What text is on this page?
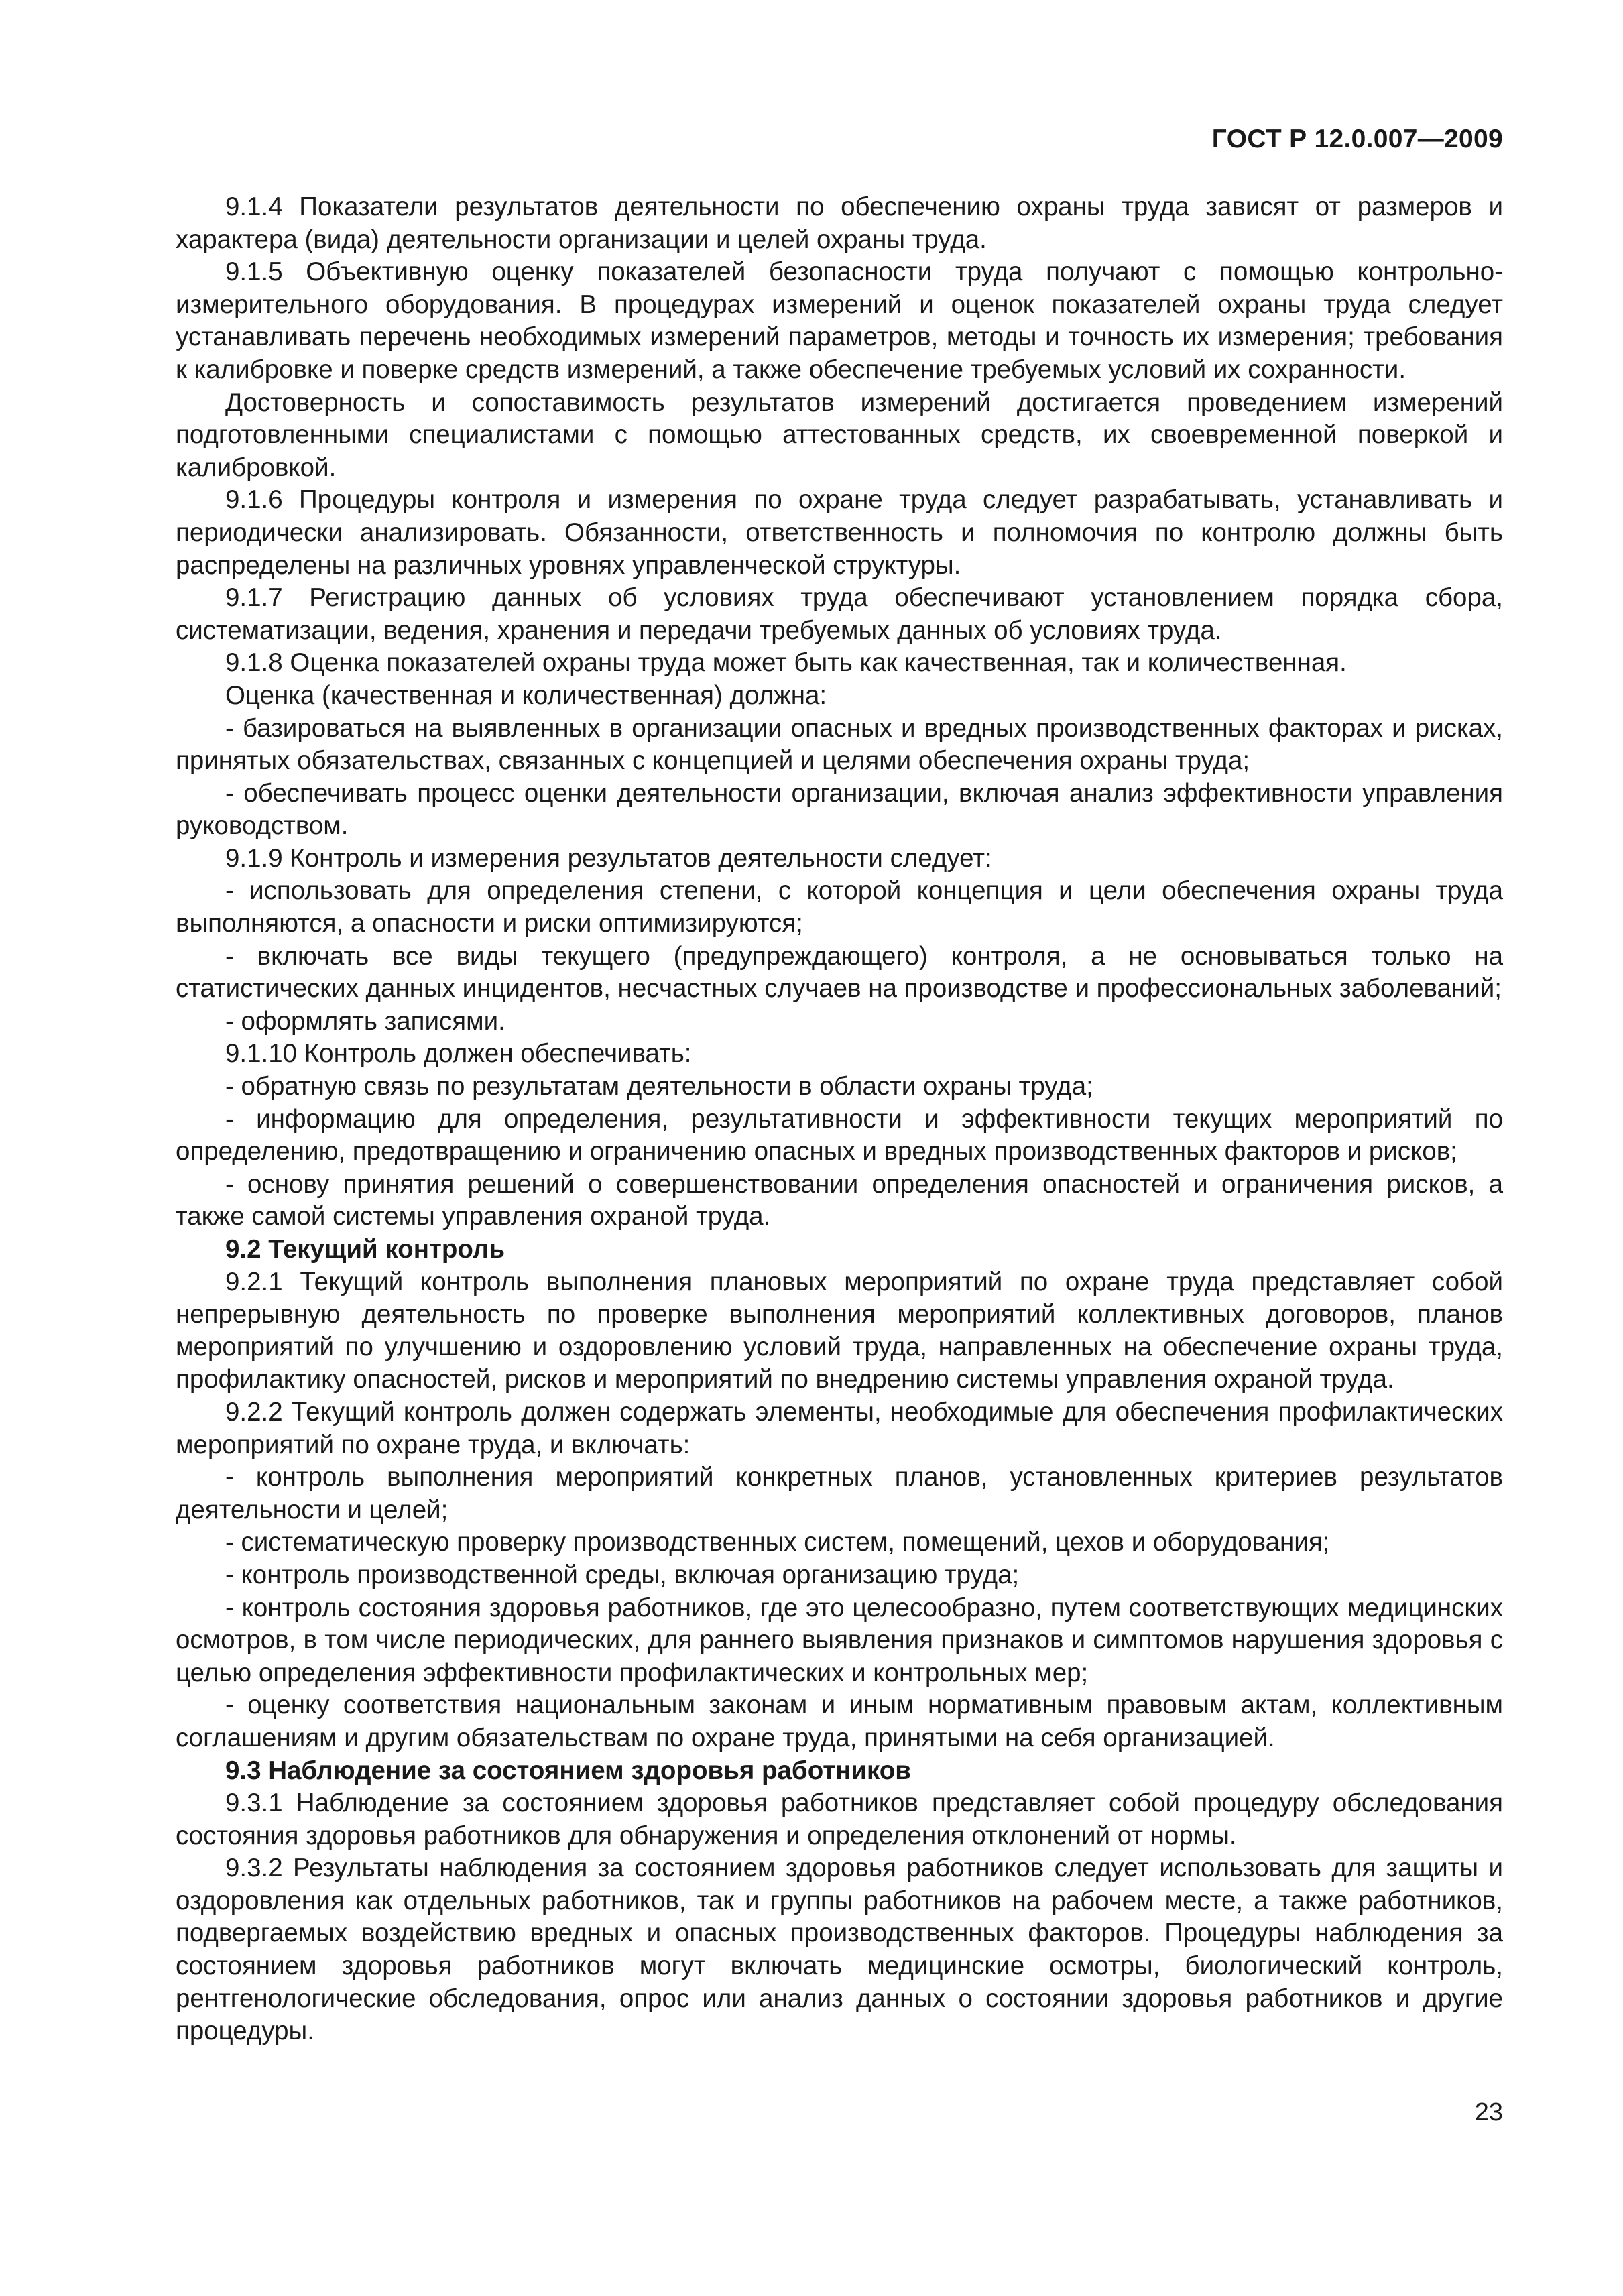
ГОСТ Р 12.0.007—2009

9.1.4 Показатели результатов деятельности по обеспечению охраны труда зависят от размеров и характера (вида) деятельности организации и целей охраны труда.

9.1.5 Объективную оценку показателей безопасности труда получают с помощью контрольно-измерительного оборудования. В процедурах измерений и оценок показателей охраны труда следует устанавливать перечень необходимых измерений параметров, методы и точность их измерения; требования к калибровке и поверке средств измерений, а также обеспечение требуемых условий их сохранности.

Достоверность и сопоставимость результатов измерений достигается проведением измерений подготовленными специалистами с помощью аттестованных средств, их своевременной поверкой и калибровкой.

9.1.6 Процедуры контроля и измерения по охране труда следует разрабатывать, устанавливать и периодически анализировать. Обязанности, ответственность и полномочия по контролю должны быть распределены на различных уровнях управленческой структуры.

9.1.7 Регистрацию данных об условиях труда обеспечивают установлением порядка сбора, систематизации, ведения, хранения и передачи требуемых данных об условиях труда.

9.1.8 Оценка показателей охраны труда может быть как качественная, так и количественная.

Оценка (качественная и количественная) должна:

- базироваться на выявленных в организации опасных и вредных производственных факторах и рисках, принятых обязательствах, связанных с концепцией и целями обеспечения охраны труда;

- обеспечивать процесс оценки деятельности организации, включая анализ эффективности управления руководством.

9.1.9 Контроль и измерения результатов деятельности следует:

- использовать для определения степени, с которой концепция и цели обеспечения охраны труда выполняются, а опасности и риски оптимизируются;

- включать все виды текущего (предупреждающего) контроля, а не основываться только на статистических данных инцидентов, несчастных случаев на производстве и профессиональных заболеваний;

- оформлять записями.

9.1.10 Контроль должен обеспечивать:

- обратную связь по результатам деятельности в области охраны труда;

- информацию для определения, результативности и эффективности текущих мероприятий по определению, предотвращению и ограничению опасных и вредных производственных факторов и рисков;

- основу принятия решений о совершенствовании определения опасностей и ограничения рисков, а также самой системы управления охраной труда.

9.2 Текущий контроль

9.2.1 Текущий контроль выполнения плановых мероприятий по охране труда представляет собой непрерывную деятельность по проверке выполнения мероприятий коллективных договоров, планов мероприятий по улучшению и оздоровлению условий труда, направленных на обеспечение охраны труда, профилактику опасностей, рисков и мероприятий по внедрению системы управления охраной труда.

9.2.2 Текущий контроль должен содержать элементы, необходимые для обеспечения профилактических мероприятий по охране труда, и включать:

- контроль выполнения мероприятий конкретных планов, установленных критериев результатов деятельности и целей;

- систематическую проверку производственных систем, помещений, цехов и оборудования;

- контроль производственной среды, включая организацию труда;

- контроль состояния здоровья работников, где это целесообразно, путем соответствующих медицинских осмотров, в том числе периодических, для раннего выявления признаков и симптомов нарушения здоровья с целью определения эффективности профилактических и контрольных мер;

- оценку соответствия национальным законам и иным нормативным правовым актам, коллективным соглашениям и другим обязательствам по охране труда, принятыми на себя организацией.

9.3 Наблюдение за состоянием здоровья работников

9.3.1 Наблюдение за состоянием здоровья работников представляет собой процедуру обследования состояния здоровья работников для обнаружения и определения отклонений от нормы.

9.3.2 Результаты наблюдения за состоянием здоровья работников следует использовать для защиты и оздоровления как отдельных работников, так и группы работников на рабочем месте, а также работников, подвергаемых воздействию вредных и опасных производственных факторов. Процедуры наблюдения за состоянием здоровья работников могут включать медицинские осмотры, биологический контроль, рентгенологические обследования, опрос или анализ данных о состоянии здоровья работников и другие процедуры.

23
